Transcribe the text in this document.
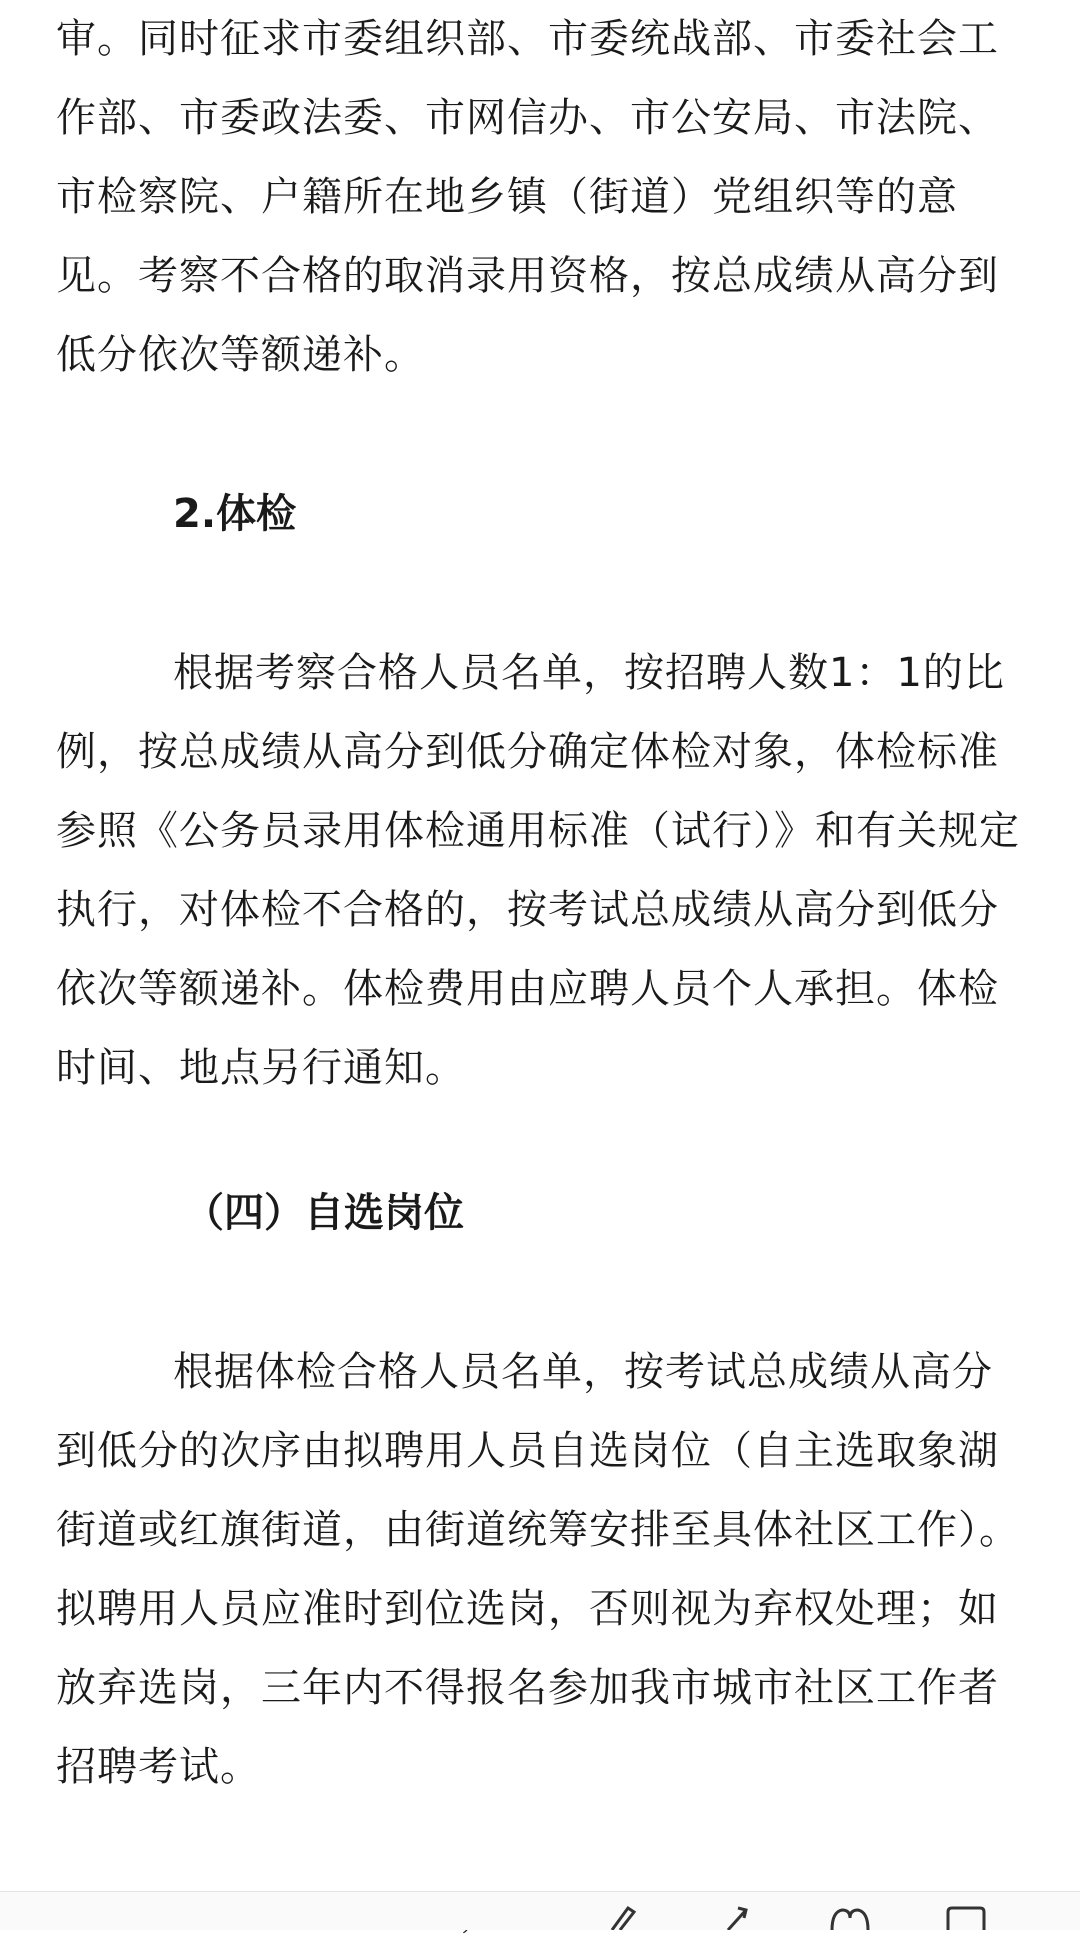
审。同时征求市委组织部、市委统战部、市委社会工作部、市委政法委、市网信办、市公安局、市法院、市检察院、户籍所在地乡镇（街道）党组织等的意见。考察不合格的取消录用资格，按总成绩从高分到低分依次等额递补。

2.体检

根据考察合格人员名单，按招聘人数1：1的比例，按总成绩从高分到低分确定体检对象，体检标准参照《公务员录用体检通用标准（试行）》和有关规定执行，对体检不合格的，按考试总成绩从高分到低分依次等额递补。体检费用由应聘人员个人承担。体检时间、地点另行通知。

（四）自选岗位

根据体检合格人员名单，按考试总成绩从高分到低分的次序由拟聘用人员自选岗位（自主选取象湖街道或红旗街道，由街道统筹安排至具体社区工作）。拟聘用人员应准时到位选岗，否则视为弃权处理；如放弃选岗，三年内不得报名参加我市城市社区工作者招聘考试。
